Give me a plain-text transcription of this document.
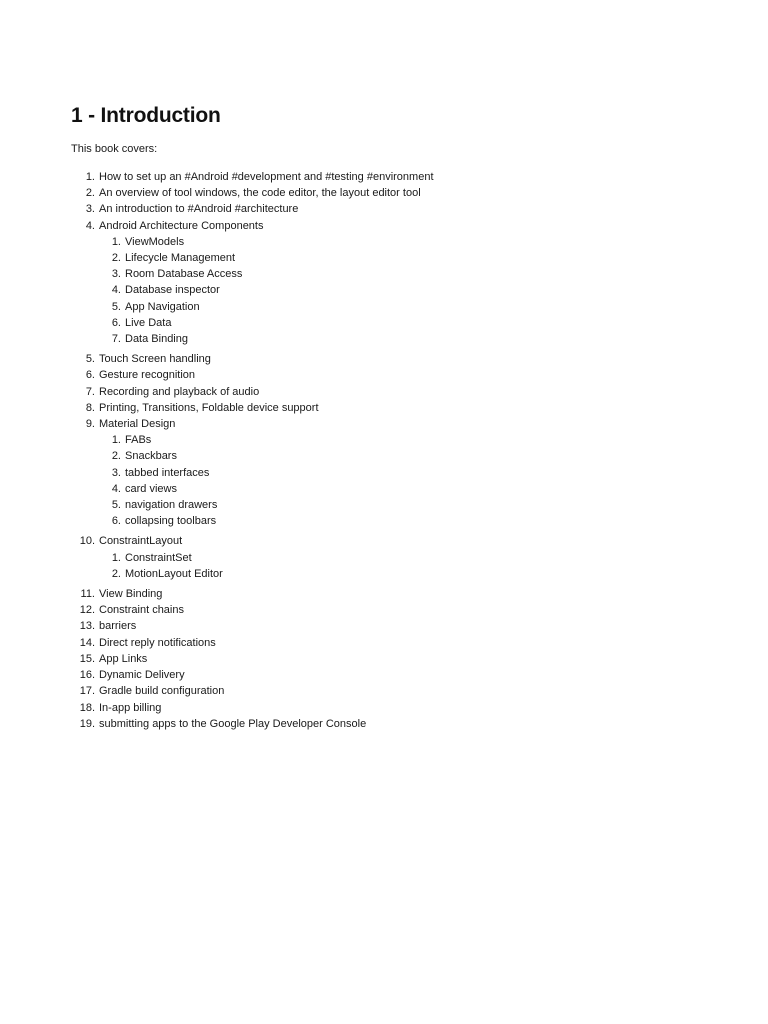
1 - Introduction

This book covers:

1. How to set up an #Android #development and #testing #environment
2. An overview of tool windows, the code editor, the layout editor tool
3. An introduction to #Android #architecture
4. Android Architecture Components
1. ViewModels
2. Lifecycle Management
3. Room Database Access
4. Database inspector
5. App Navigation
6. Live Data
7. Data Binding
5. Touch Screen handling
6. Gesture recognition
7. Recording and playback of audio
8. Printing, Transitions, Foldable device support
9. Material Design
1. FABs
2. Snackbars
3. tabbed interfaces
4. card views
5. navigation drawers
6. collapsing toolbars
10. ConstraintLayout
1. ConstraintSet
2. MotionLayout Editor
11. View Binding
12. Constraint chains
13. barriers
14. Direct reply notifications
15. App Links
16. Dynamic Delivery
17. Gradle build configuration
18. In-app billing
19. submitting apps to the Google Play Developer Console
